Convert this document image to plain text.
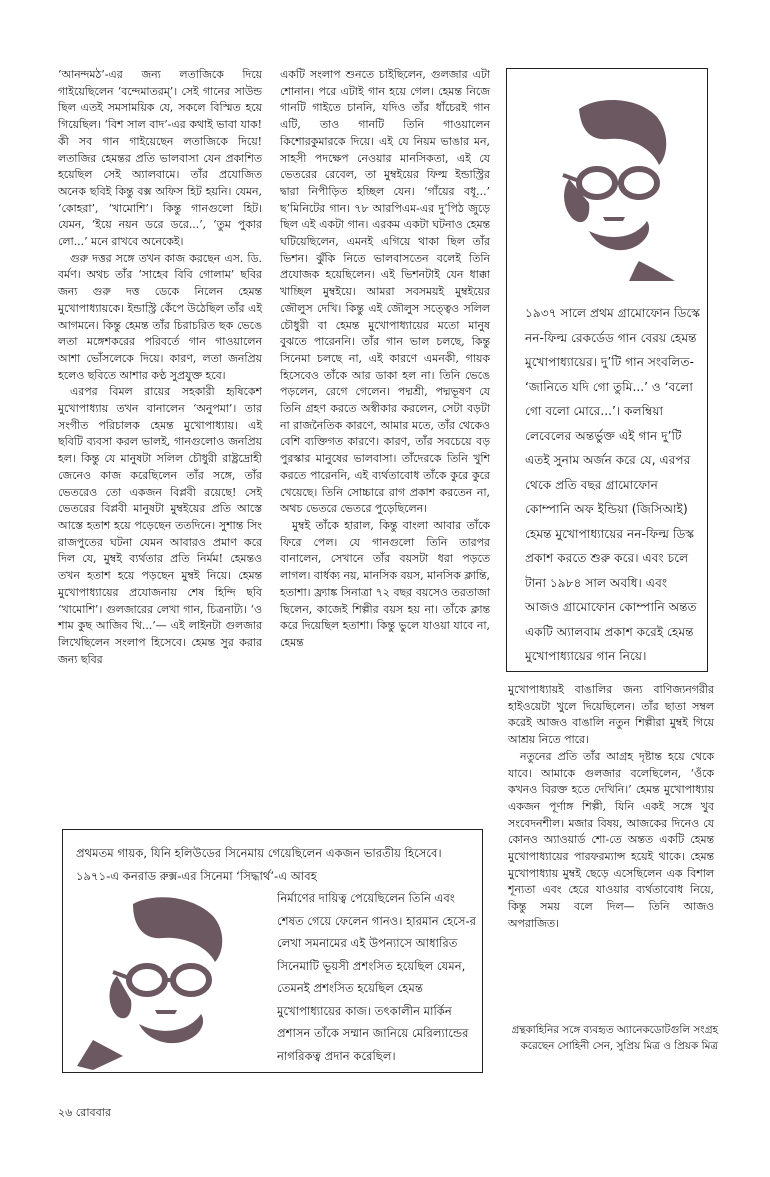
‘আনন্দমঠ’-এর জন্য লতাজিকে দিয়ে গাইয়েছিলেন ‘বন্দেমাতরম্’। সেই গানের সাউন্ড ছিল এতই সমসাময়িক যে, সকলে বিস্মিত হয়ে গিয়েছিল। ‘বিশ সাল বাদ’-এর কথাই ভাবা যাক! কী সব গান গাইয়েছেন লতাজিকে দিয়ে! লতাজির হেমন্তর প্রতি ভালবাসা যেন প্রকাশিত হয়েছিল সেই অ্যালবামে। তাঁর প্রযোজিত অনেক ছবিই কিন্তু বক্স অফিস হিট হয়নি। যেমন, ‘কোহরা’, ‘খামোশি’। কিন্তু গানগুলো হিট। যেমন, ‘ইয়ে নয়ন ডরে ডরে...’, ‘তুম পুকার লো...’ মনে রাখবে অনেকেই।

গুরু দত্তর সঙ্গে তখন কাজ করছেন এস. ডি. বর্মণ। অথচ তাঁর ‘সাহেব বিবি গোলাম’ ছবির জন্য গুরু দত্ত ডেকে নিলেন হেমন্ত মুখোপাধ্যায়কে। ইন্ডাস্ট্রি কেঁপে উঠেছিল তাঁর এই আগমনে। কিন্তু হেমন্ত তাঁর চিরাচরিত ছক ভেঙে লতা মঙ্গেশকরের পরিবর্তে গান গাওয়ালেন আশা ভোঁসলেকে দিয়ে। কারণ, লতা জনপ্রিয় হলেও ছবিতে আশার কণ্ঠ সুপ্রযুক্ত হবে।

এরপর বিমল রায়ের সহকারী হৃষিকেশ মুখোপাধ্যায় তখন বানালেন ‘অনুপমা’। তার সংগীত পরিচালক হেমন্ত মুখোপাধ্যায়। এই ছবিটি ব্যবসা করল ভালই, গানগুলোও জনপ্রিয় হল। কিন্তু যে মানুষটা সলিল চৌধুরী রাষ্ট্রদ্রোহী জেনেও কাজ করেছিলেন তাঁর সঙ্গে, তাঁর ভেতরেও তো একজন বিপ্লবী রয়েছে! সেই ভেতরের বিপ্লবী মানুষটা মুম্বইয়ের প্রতি আস্তে আস্তে হতাশ হয়ে পড়েছেন ততদিনে। সুশান্ত সিং রাজপুতের ঘটনা যেমন আবারও প্রমাণ করে দিল যে, মুম্বই ব্যর্থতার প্রতি নির্মম! হেমন্তও তখন হতাশ হয়ে পড়ছেন মুম্বই নিয়ে। হেমন্ত মুখোপাধ্যায়ের প্রযোজনায় শেষ হিন্দি ছবি ‘খামোশি’। গুলজারের লেখা গান, চিত্রনাট্য। ‘ও শাম কুছ আজিব থি...’— এই লাইনটা গুলজার লিখেছিলেন সংলাপ হিসেবে। হেমন্ত সুর করার জন্য ছবির

একটি সংলাপ শুনতে চাইছিলেন, গুলজার এটা শোনান। পরে এটাই গান হয়ে গেল। হেমন্ত নিজে গানটি গাইতে চাননি, যদিও তাঁর ধাঁচেরই গান এটি, তাও গানটি তিনি গাওয়ালেন কিশোরকুমারকে দিয়ে। এই যে নিয়ম ভাঙার মন, সাহসী পদক্ষেপ নেওয়ার মানসিকতা, এই যে ভেতরের রেবেল, তা মুম্বইয়ের ফিল্ম ইন্ডাস্ট্রির দ্বারা নিপীড়িত হচ্ছিল যেন। ‘গাঁয়ের বধূ...’ ছ’মিনিটের গান। ৭৮ আরপিএম-এর দু’পিঠ জুড়ে ছিল এই একটা গান। এরকম একটা ঘটনাও হেমন্ত ঘটিয়েছিলেন, এমনই এগিয়ে থাকা ছিল তাঁর ভিশন। ঝুঁকি নিতে ভালবাসতেন বলেই তিনি প্রযোজক হয়েছিলেন। এই ভিশনটাই যেন ধাক্কা খাচ্ছিল মুম্বইয়ে। আমরা সবসময়ই মুম্বইয়ের জৌলুস দেখি। কিন্তু এই জৌলুস সত্ত্বেও সলিল চৌধুরী বা হেমন্ত মুখোপাধ্যায়ের মতো মানুষ বুঝতে পারেননি। তাঁর গান ভাল চলছে, কিন্তু সিনেমা চলছে না, এই কারণে এমনকী, গায়ক হিসেবেও তাঁকে আর ডাকা হল না। তিনি ভেঙে পড়লেন, রেগে গেলেন। পদ্মশ্রী, পদ্মভূষণ যে তিনি গ্রহণ করতে অস্বীকার করলেন, সেটা বড়টা না রাজনৈতিক কারণে, আমার মতে, তাঁর থেকেও বেশি ব্যক্তিগত কারণে। কারণ, তাঁর সবচেয়ে বড় পুরস্কার মানুষের ভালবাসা। তাঁদেরকে তিনি খুশি করতে পারেননি, এই ব্যর্থতাবোধ তাঁকে কুরে কুরে খেয়েছে। তিনি সোচ্চারে রাগ প্রকাশ করতেন না, অথচ ভেতরে ভেতরে পুড়েছিলেন।

মুম্বই তাঁকে হারাল, কিন্তু বাংলা আবার তাঁকে ফিরে পেল। যে গানগুলো তিনি তারপর বানালেন, সেখানে তাঁর বয়সটা ধরা পড়তে লাগল। বার্ধক্য নয়, মানসিক বয়স, মানসিক ক্লান্তি, হতাশা। ফ্র্যাঙ্ক সিনাত্রা ৭২ বছর বয়সেও তরতাজা ছিলেন, কাজেই শিল্পীর বয়স হয় না। তাঁকে ক্লান্ত করে দিয়েছিল হতাশা। কিন্তু ভুলে যাওয়া যাবে না, হেমন্ত

১৯৩৭ সালে প্রথম গ্রামোফোন ডিস্কে নন-ফিল্ম রেকর্ডেড গান বেরয় হেমন্ত মুখোপাধ্যায়ের। দু’টি গান সংবলিত- ‘জানিতে যদি গো তুমি...’ ও ‘বলো গো বলো মোরে...’। কলম্বিয়া লেবেলের অন্তর্ভুক্ত এই গান দু’টি এতই সুনাম অর্জন করে যে, এরপর থেকে প্রতি বছর গ্রামোফোন কোম্পানি অফ ইন্ডিয়া (জিসিআই) হেমন্ত মুখোপাধ্যায়ের নন-ফিল্ম ডিস্ক প্রকাশ করতে শুরু করে। এবং চলে টানা ১৯৮৪ সাল অবধি। এবং আজও গ্রামোফোন কোম্পানি অন্তত একটি অ্যালবাম প্রকাশ করেই হেমন্ত মুখোপাধ্যায়ের গান নিয়ে।

মুখোপাধ্যায়ই বাঙালির জন্য বাণিজ্যনগরীর হাইওয়েটা খুলে দিয়েছিলেন। তাঁর ছাতা সম্বল করেই আজও বাঙালি নতুন শিল্পীরা মুম্বই গিয়ে আশ্রয় নিতে পারে।

নতুনের প্রতি তাঁর আগ্রহ দৃষ্টান্ত হয়ে থেকে যাবে। আমাকে গুলজার বলেছিলেন, ‘ওঁকে কখনও বিরক্ত হতে দেখিনি।’ হেমন্ত মুখোপাধ্যায় একজন পূর্ণাঙ্গ শিল্পী, যিনি একই সঙ্গে খুব সংবেদনশীল। মজার বিষয়, আজকের দিনেও যে কোনও অ্যাওয়ার্ড শো-তে অন্তত একটি হেমন্ত মুখোপাধ্যায়ের পারফরম্যান্স হয়েই থাকে। হেমন্ত মুখোপাধ্যায় মুম্বই ছেড়ে এসেছিলেন এক বিশাল শূন্যতা এবং হেরে যাওয়ার ব্যর্থতাবোধ নিয়ে, কিন্তু সময় বলে দিল— তিনি আজও অপরাজিত।

প্রথমতম গায়ক, যিনি হলিউডের সিনেমায় গেয়েছিলেন একজন ভারতীয় হিসেবে। ১৯৭১-এ কনরাড রুক্স-এর সিনেমা ‘সিদ্ধার্থ’-এ আবহ
নির্মাণের দায়িত্ব পেয়েছিলেন তিনি এবং শেষত গেয়ে ফেলেন গানও। হারমান হেসে-র লেখা সমনামের এই উপন্যাসে আধারিত সিনেমাটি ভূয়সী প্রশংসিত হয়েছিল যেমন, তেমনই প্রশংসিত হয়েছিল হেমন্ত মুখোপাধ্যায়ের কাজ। তৎকালীন মার্কিন প্রশাসন তাঁকে সম্মান জানিয়ে মেরিল্যান্ডের নাগরিকত্ব প্রদান করেছিল।
গ্রন্থকাহিনির সঙ্গে ব্যবহৃত অ্যানেকডোটগুলি সংগ্রহ করেছেন সোহিনী সেন, সুপ্রিয় মিত্র ও প্রিয়ক মিত্র
২৬ রোববার
